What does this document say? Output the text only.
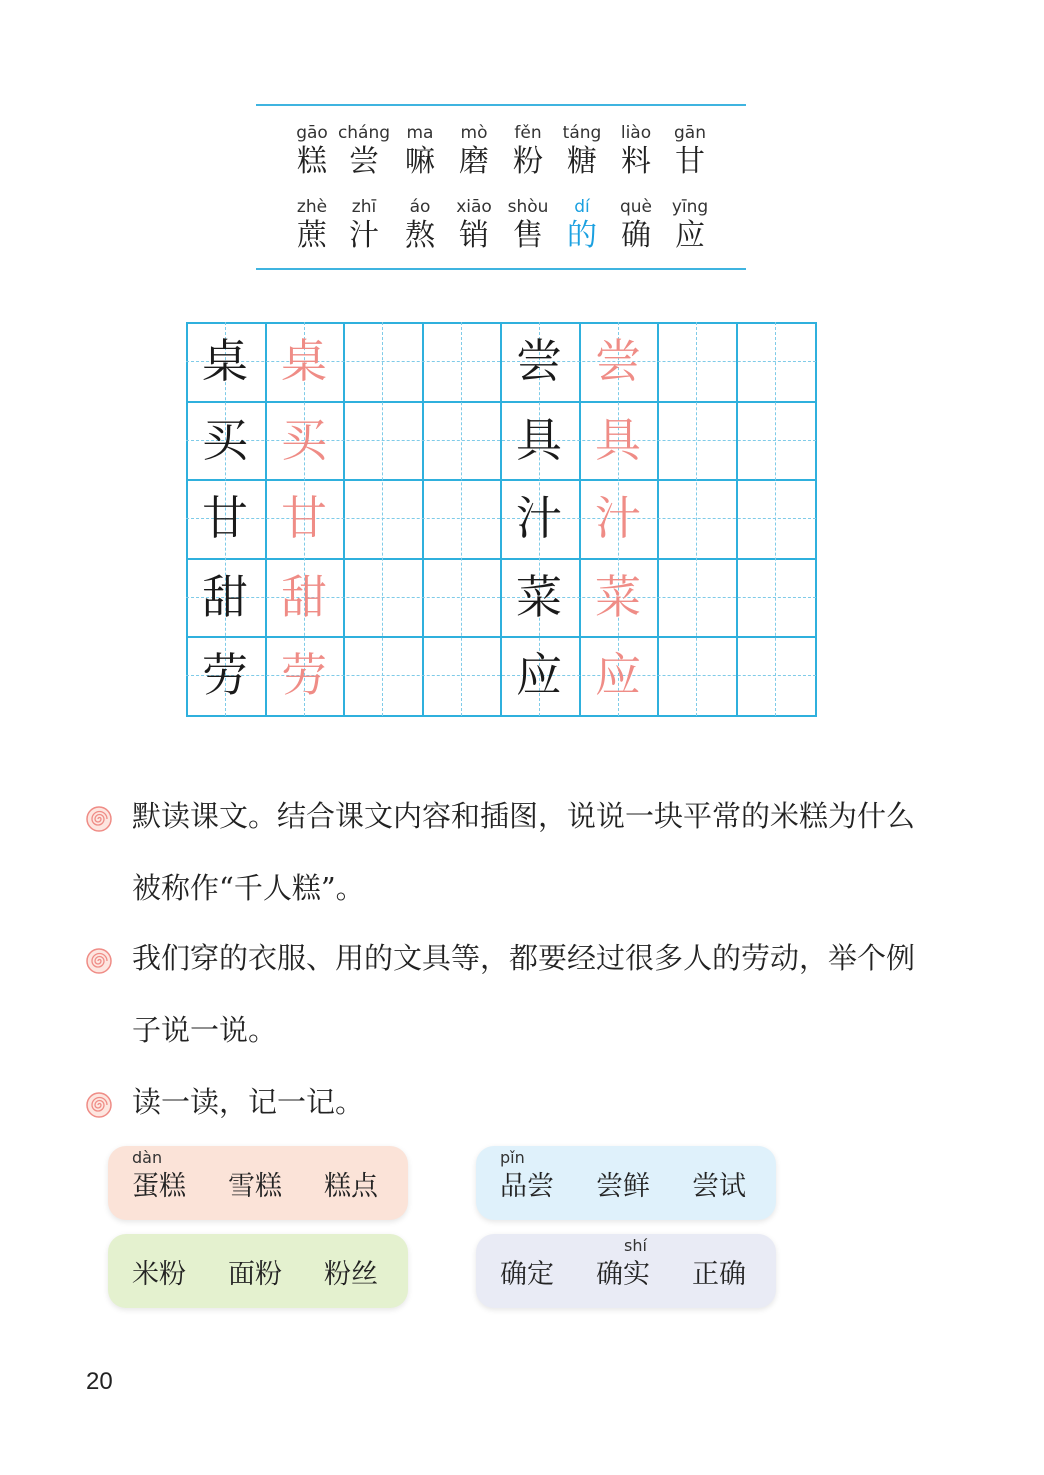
gāo
糕
cháng
尝
ma
嘛
mò
磨
fěn
粉
táng
糖
liào
料
gān
甘
zhè
蔗
zhī
汁
áo
熬
xiāo
销
shòu
售
dí
的
què
确
yīng
应
桌 桌
买 买
甘 甘
甜 甜
劳 劳
尝 尝
具 具
汁 汁
菜 菜
应 应
默读课文。结合课文内容和插图，说说一块平常的米糕为什么被称作“千人糕”。
我们穿的衣服、用的文具等，都要经过很多人的劳动，举个例子说一说。
读一读，记一记。
蛋糕 雪糕 糕点
dàn
品尝 尝鲜 尝试
pǐn
米粉 面粉 粉丝	确定 确实 正确
shí
20
